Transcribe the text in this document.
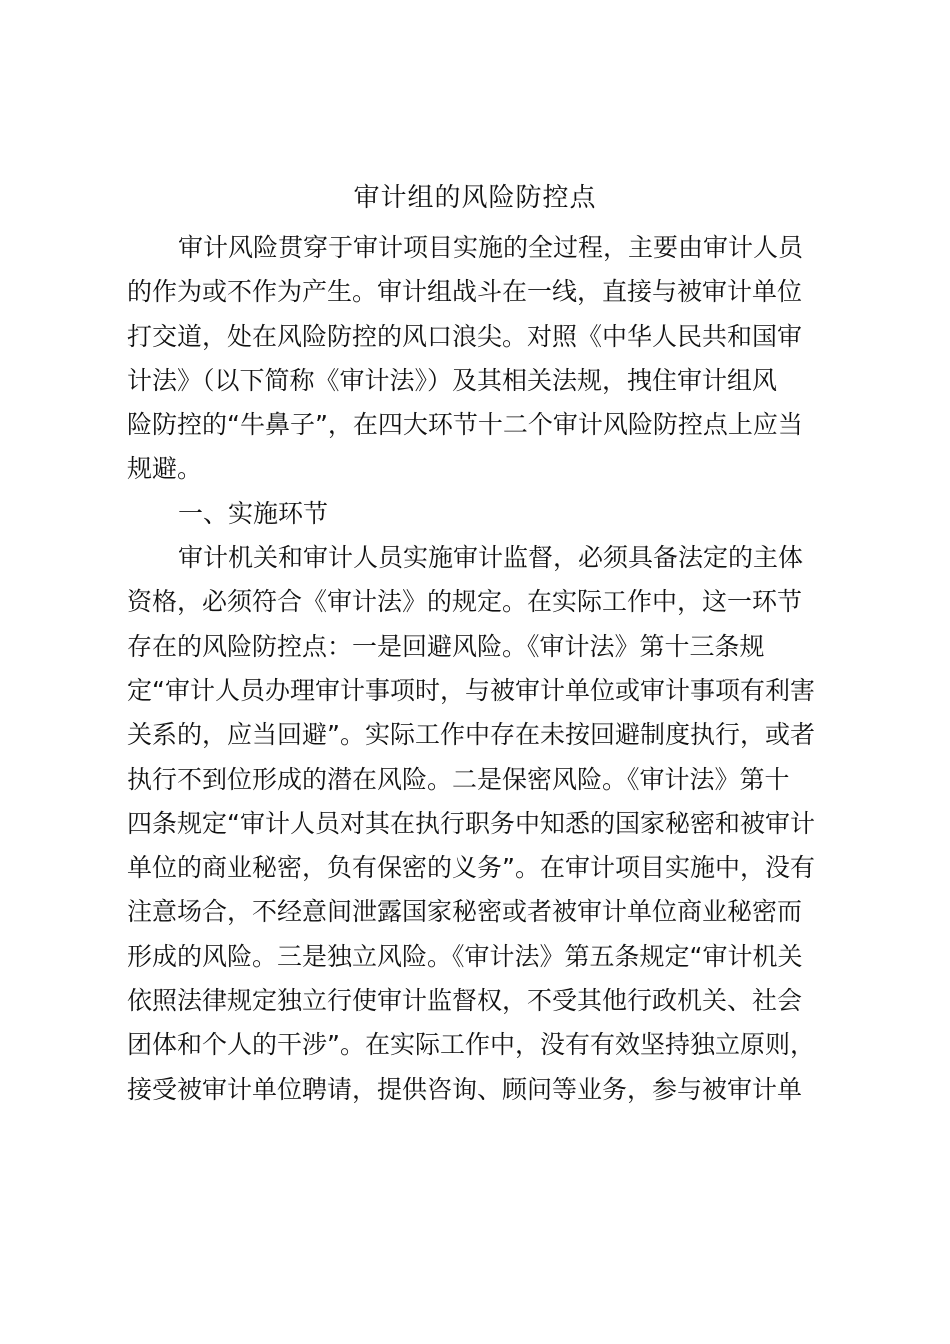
审计组的风险防控点
审计风险贯穿于审计项目实施的全过程，主要由审计人员
的作为或不作为产生。审计组战斗在一线，直接与被审计单位
打交道，处在风险防控的风口浪尖。对照《中华人民共和国审
计法》（以下简称《审计法》）及其相关法规，拽住审计组风
险防控的“牛鼻子”，在四大环节十二个审计风险防控点上应当
规避。
一、实施环节
审计机关和审计人员实施审计监督，必须具备法定的主体
资格，必须符合《审计法》的规定。在实际工作中，这一环节
存在的风险防控点：一是回避风险。《审计法》第十三条规
定“审计人员办理审计事项时，与被审计单位或审计事项有利害
关系的，应当回避”。实际工作中存在未按回避制度执行，或者
执行不到位形成的潜在风险。二是保密风险。《审计法》第十
四条规定“审计人员对其在执行职务中知悉的国家秘密和被审计
单位的商业秘密，负有保密的义务”。在审计项目实施中，没有
注意场合，不经意间泄露国家秘密或者被审计单位商业秘密而
形成的风险。三是独立风险。《审计法》第五条规定“审计机关
依照法律规定独立行使审计监督权，不受其他行政机关、社会
团体和个人的干涉”。在实际工作中，没有有效坚持独立原则，
接受被审计单位聘请，提供咨询、顾问等业务，参与被审计单
